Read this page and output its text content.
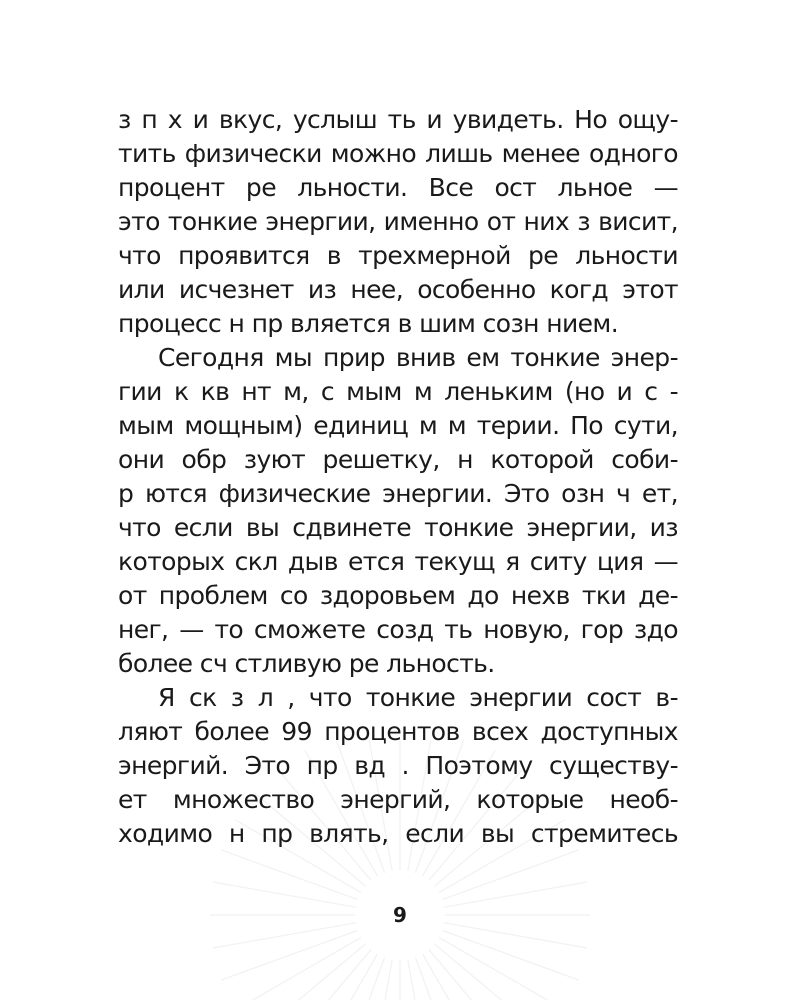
з п х и вкус, услыш ть и увидеть. Но ощу-
тить физически можно лишь менее одного
процент ре льности. Все ост льное —
это тонкие энергии, именно от них з висит,
что проявится в трехмерной ре льности
или исчезнет из нее, особенно когд этот
процесс н пр вляется в шим созн нием.
Сегодня мы прир внив ем тонкие энер-
гии к кв нт м, с мым м леньким (но и с -
мым мощным) единиц м м терии. По сути,
они обр зуют решетку, н которой соби-
р ются физические энергии. Это озн ч ет,
что если вы сдвинете тонкие энергии, из
которых скл дыв ется текущ я ситу ция —
от проблем со здоровьем до нехв тки де-
нег, — то сможете созд ть новую, гор здо
более сч стливую ре льность.
Я ск з л , что тонкие энергии сост в-
ляют более 99 процентов всех доступных
энергий. Это пр вд . Поэтому существу-
ет множество энергий, которые необ-
ходимо н пр влять, если вы стремитесь
9
